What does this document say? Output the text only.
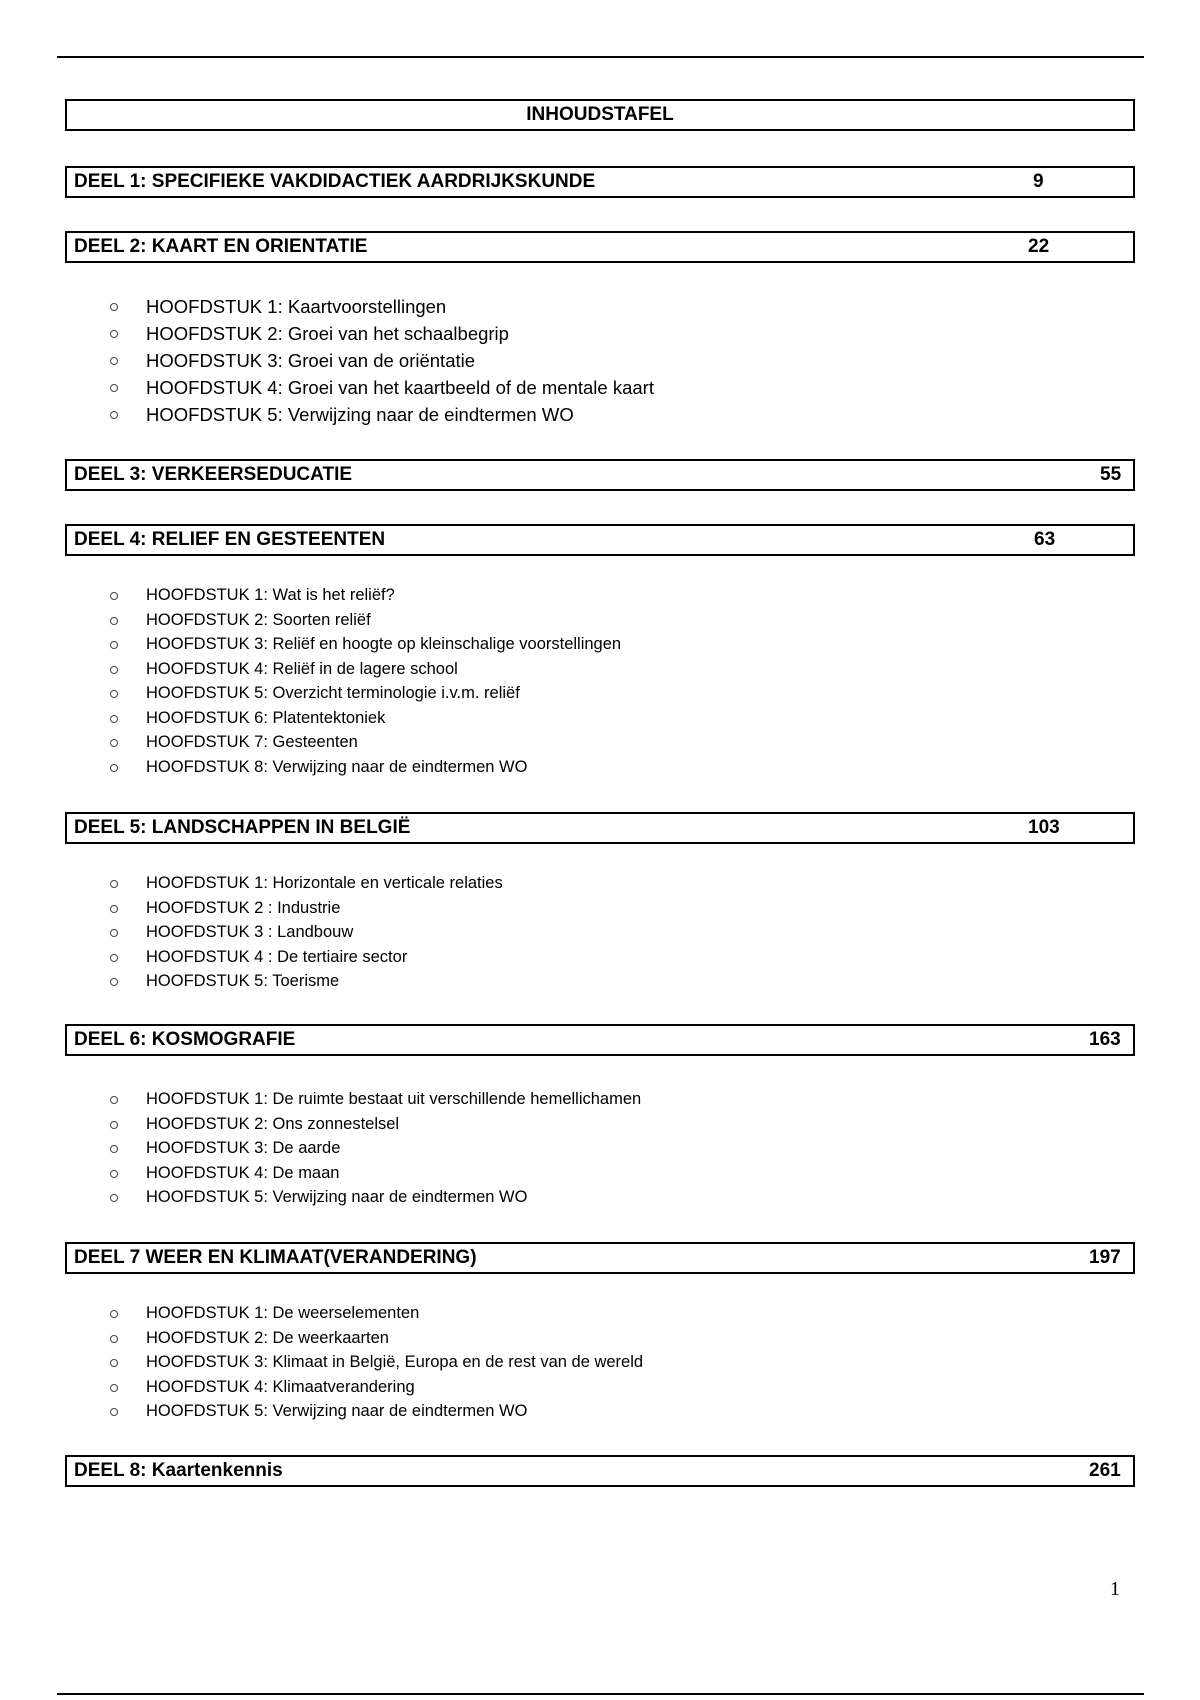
INHOUDSTAFEL
DEEL 1: SPECIFIEKE VAKDIDACTIEK AARDRIJKSKUNDE	9
DEEL 2: KAART EN ORIENTATIE	22
HOOFDSTUK 1: Kaartvoorstellingen
HOOFDSTUK 2: Groei van het schaalbegrip
HOOFDSTUK 3: Groei van de oriëntatie
HOOFDSTUK 4: Groei van het kaartbeeld of de mentale kaart
HOOFDSTUK 5: Verwijzing naar de eindtermen WO
DEEL 3: VERKEERSEDUCATIE	55
DEEL 4: RELIEF EN GESTEENTEN	63
HOOFDSTUK 1: Wat is het reliëf?
HOOFDSTUK 2: Soorten reliëf
HOOFDSTUK 3: Reliëf en hoogte op kleinschalige voorstellingen
HOOFDSTUK 4: Reliëf in de lagere school
HOOFDSTUK 5: Overzicht terminologie i.v.m. reliëf
HOOFDSTUK 6: Platentektoniek
HOOFDSTUK 7: Gesteenten
HOOFDSTUK 8: Verwijzing naar de eindtermen WO
DEEL 5: LANDSCHAPPEN IN BELGIË	103
HOOFDSTUK 1: Horizontale en verticale relaties
HOOFDSTUK 2 : Industrie
HOOFDSTUK 3 : Landbouw
HOOFDSTUK 4 : De tertiaire sector
HOOFDSTUK 5: Toerisme
DEEL 6: KOSMOGRAFIE	163
HOOFDSTUK 1: De ruimte bestaat uit verschillende hemellichamen
HOOFDSTUK 2: Ons zonnestelsel
HOOFDSTUK 3: De aarde
HOOFDSTUK 4: De maan
HOOFDSTUK 5: Verwijzing naar de eindtermen WO
DEEL 7 WEER EN KLIMAAT(VERANDERING)	197
HOOFDSTUK 1: De weerselementen
HOOFDSTUK 2: De weerkaarten
HOOFDSTUK 3: Klimaat in België, Europa en de rest van de wereld
HOOFDSTUK 4: Klimaatverandering
HOOFDSTUK 5: Verwijzing naar de eindtermen WO
DEEL 8: Kaartenkennis	261
1
